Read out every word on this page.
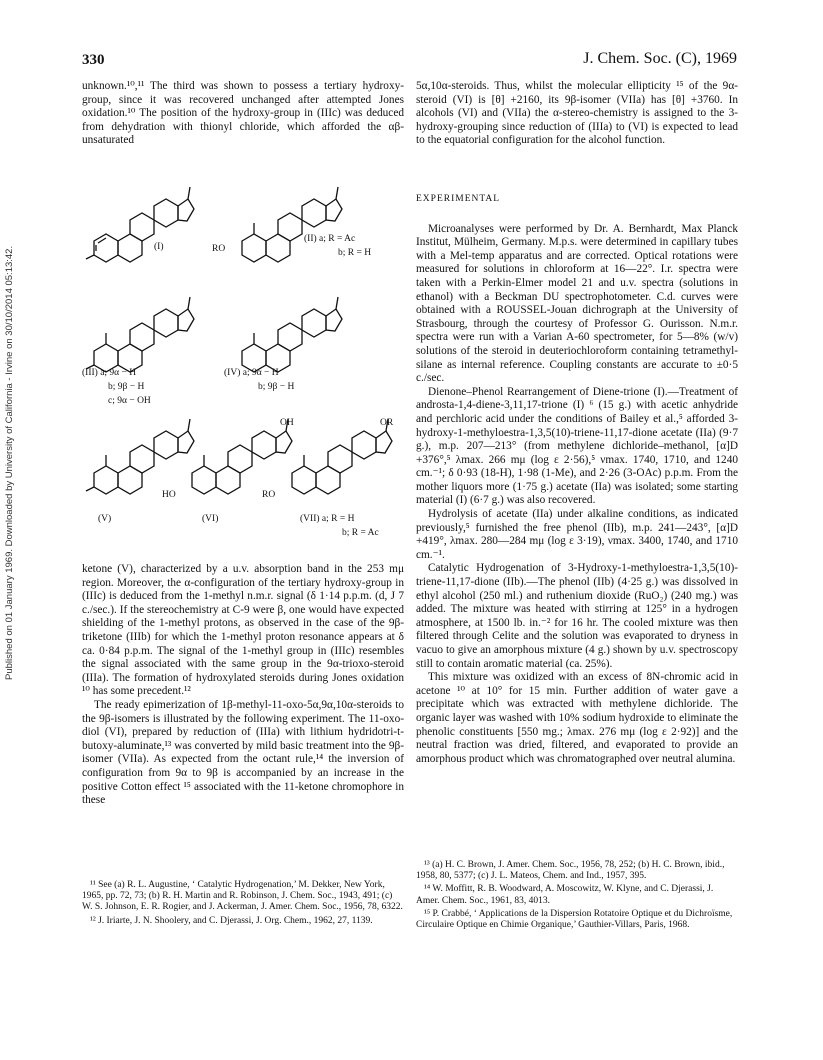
330	J. Chem. Soc. (C), 1969
Published on 01 January 1969. Downloaded by University of California - Irvine on 30/10/2014 05:13:42.

unknown.¹⁰,¹¹ The third was shown to possess a tertiary hydroxy-group, since it was recovered unchanged after attempted Jones oxidation.¹⁰ The position of the hydroxy-group in (IIIc) was deduced from dehydration with thionyl chloride, which afforded the αβ-unsaturated

(I)	RO
(II) a; R = Ac
b; R = H
(III) a; 9α − H
b; 9β − H
c; 9α − OH
(IV) a; 9α − H
b; 9β − H
(V)
HO
(VI)
RO
OH	OR
(VII) a; R = H
b; R = Ac

ketone (V), characterized by a u.v. absorption band in the 253 mμ region. Moreover, the α-configuration of the tertiary hydroxy-group in (IIIc) is deduced from the 1-methyl n.m.r. signal (δ 1·14 p.p.m. (d, J 7 c./sec.). If the stereochemistry at C-9 were β, one would have expected shielding of the 1-methyl protons, as observed in the case of the 9β-triketone (IIIb) for which the 1-methyl proton resonance appears at δ ca. 0·84 p.p.m. The signal of the 1-methyl group in (IIIc) resembles the signal associated with the same group in the 9α-trioxo-steroid (IIIa). The formation of hydroxylated steroids during Jones oxidation ¹⁰ has some precedent.¹²

The ready epimerization of 1β-methyl-11-oxo-5α,9α,10α-steroids to the 9β-isomers is illustrated by the following experiment. The 11-oxo-diol (VI), prepared by reduction of (IIIa) with lithium hydridotri-t-butoxy-aluminate,¹³ was converted by mild basic treatment into the 9β-isomer (VIIa). As expected from the octant rule,¹⁴ the inversion of configuration from 9α to 9β is accompanied by an increase in the positive Cotton effect ¹⁵ associated with the 11-ketone chromophore in these

¹¹ See (a) R. L. Augustine, ‘ Catalytic Hydrogenation,’ M. Dekker, New York, 1965, pp. 72, 73; (b) R. H. Martin and R. Robinson, J. Chem. Soc., 1943, 491; (c) W. S. Johnson, E. R. Rogier, and J. Ackerman, J. Amer. Chem. Soc., 1956, 78, 6322.

¹² J. Iriarte, J. N. Shoolery, and C. Djerassi, J. Org. Chem., 1962, 27, 1139.

5α,10α-steroids. Thus, whilst the molecular ellipticity ¹⁵ of the 9α-steroid (VI) is [θ] +2160, its 9β-isomer (VIIa) has [θ] +3760. In alcohols (VI) and (VIIa) the α-stereo-chemistry is assigned to the 3-hydroxy-grouping since reduction of (IIIa) to (VI) is expected to lead to the equatorial configuration for the alcohol function.

EXPERIMENTAL

Microanalyses were performed by Dr. A. Bernhardt, Max Planck Institut, Mülheim, Germany. M.p.s. were determined in capillary tubes with a Mel-temp apparatus and are corrected. Optical rotations were measured for solutions in chloroform at 16—22°. I.r. spectra were taken with a Perkin-Elmer model 21 and u.v. spectra (solutions in ethanol) with a Beckman DU spectrophotometer. C.d. curves were obtained with a ROUSSEL-Jouan dichrograph at the University of Strasbourg, through the courtesy of Professor G. Ourisson. N.m.r. spectra were run with a Varian A-60 spectrometer, for 5—8% (w/v) solutions of the steroid in deuteriochloroform containing tetramethyl-silane as internal reference. Coupling constants are accurate to ±0·5 c./sec.

Dienone–Phenol Rearrangement of Diene-trione (I).—Treatment of androsta-1,4-diene-3,11,17-trione (I) ⁶ (15 g.) with acetic anhydride and perchloric acid under the conditions of Bailey et al.,⁵ afforded 3-hydroxy-1-methyloestra-1,3,5(10)-triene-11,17-dione acetate (IIa) (9·7 g.), m.p. 207—213° (from methylene dichloride–methanol, [α]D +376°,⁵ λmax. 266 mμ (log ε 2·56),⁵ νmax. 1740, 1710, and 1240 cm.⁻¹; δ 0·93 (18-H), 1·98 (1-Me), and 2·26 (3-OAc) p.p.m. From the mother liquors more (1·75 g.) acetate (IIa) was isolated; some starting material (I) (6·7 g.) was also recovered.

Hydrolysis of acetate (IIa) under alkaline conditions, as indicated previously,⁵ furnished the free phenol (IIb), m.p. 241—243°, [α]D +419°, λmax. 280—284 mμ (log ε 3·19), νmax. 3400, 1740, and 1710 cm.⁻¹.

Catalytic Hydrogenation of 3-Hydroxy-1-methyloestra-1,3,5(10)-triene-11,17-dione (IIb).—The phenol (IIb) (4·25 g.) was dissolved in ethyl alcohol (250 ml.) and ruthenium dioxide (RuO₂) (240 mg.) was added. The mixture was heated with stirring at 125° in a hydrogen atmosphere, at 1500 lb. in.⁻² for 16 hr. The cooled mixture was then filtered through Celite and the solution was evaporated to dryness in vacuo to give an amorphous mixture (4 g.) shown by u.v. spectroscopy still to contain aromatic material (ca. 25%).

This mixture was oxidized with an excess of 8N-chromic acid in acetone ¹⁰ at 10° for 15 min. Further addition of water gave a precipitate which was extracted with methylene dichloride. The organic layer was washed with 10% sodium hydroxide to eliminate the phenolic constituents [550 mg.; λmax. 276 mμ (log ε 2·92)] and the neutral fraction was dried, filtered, and evaporated to provide an amorphous product which was chromatographed over neutral alumina.

¹³ (a) H. C. Brown, J. Amer. Chem. Soc., 1956, 78, 252; (b) H. C. Brown, ibid., 1958, 80, 5377; (c) J. L. Mateos, Chem. and Ind., 1957, 395.

¹⁴ W. Moffitt, R. B. Woodward, A. Moscowitz, W. Klyne, and C. Djerassi, J. Amer. Chem. Soc., 1961, 83, 4013.

¹⁵ P. Crabbé, ‘ Applications de la Dispersion Rotatoire Optique et du Dichroïsme, Circulaire Optique en Chimie Organique,’ Gauthier-Villars, Paris, 1968.
